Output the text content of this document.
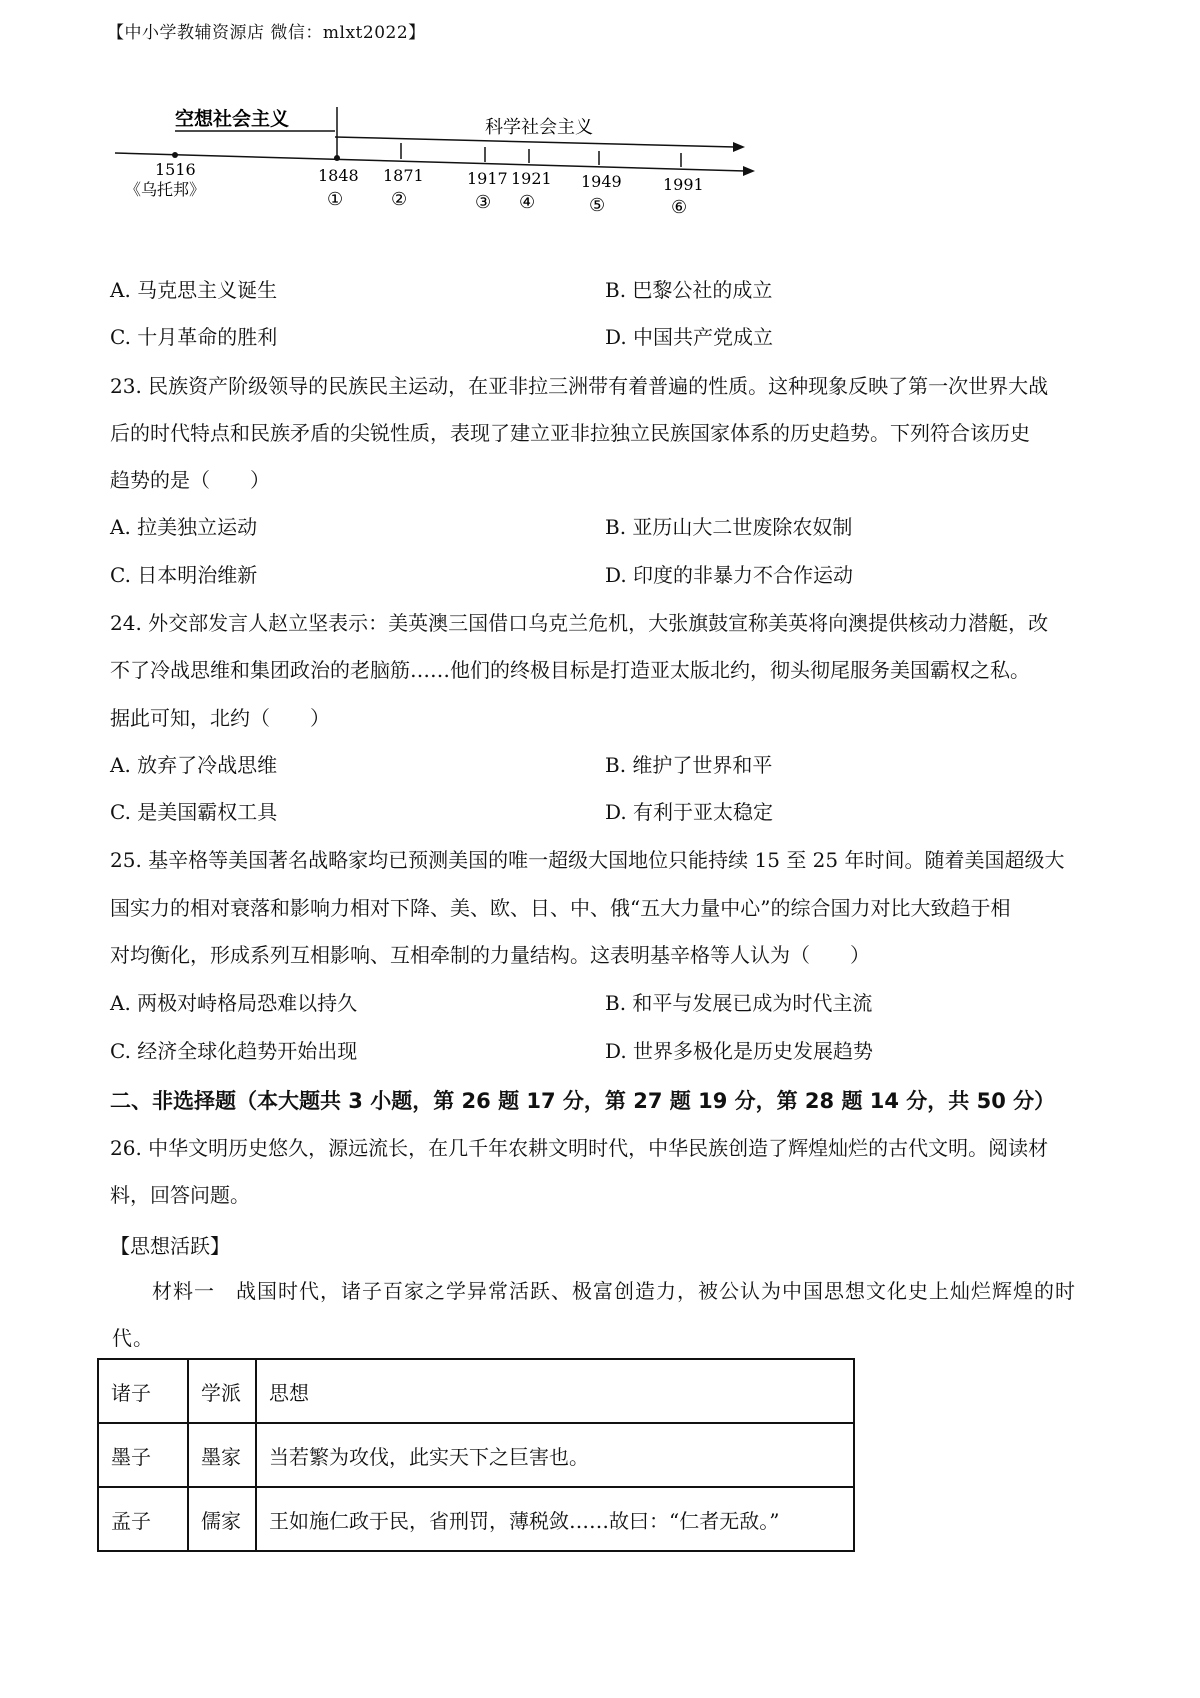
【中小学教辅资源店 微信：mlxt2022】
空想社会主义	科学社会主义
1516
《乌托邦》
1848
①
1871
②
1917
③
1921
④
1949
⑤
1991
⑥
A. 马克思主义诞生	B. 巴黎公社的成立
C. 十月革命的胜利	D. 中国共产党成立
23. 民族资产阶级领导的民族民主运动，在亚非拉三洲带有着普遍的性质。这种现象反映了第一次世界大战
后的时代特点和民族矛盾的尖锐性质，表现了建立亚非拉独立民族国家体系的历史趋势。下列符合该历史
趋势的是（　　）
A. 拉美独立运动	B. 亚历山大二世废除农奴制
C. 日本明治维新	D. 印度的非暴力不合作运动
24. 外交部发言人赵立坚表示：美英澳三国借口乌克兰危机，大张旗鼓宣称美英将向澳提供核动力潜艇，改
不了冷战思维和集团政治的老脑筋……他们的终极目标是打造亚太版北约，彻头彻尾服务美国霸权之私。
据此可知，北约（　　）
A. 放弃了冷战思维	B. 维护了世界和平
C. 是美国霸权工具	D. 有利于亚太稳定
25. 基辛格等美国著名战略家均已预测美国的唯一超级大国地位只能持续 15 至 25 年时间。随着美国超级大
国实力的相对衰落和影响力相对下降、美、欧、日、中、俄“五大力量中心”的综合国力对比大致趋于相
对均衡化，形成系列互相影响、互相牵制的力量结构。这表明基辛格等人认为（　　）
A. 两极对峙格局恐难以持久	B. 和平与发展已成为时代主流
C. 经济全球化趋势开始出现	D. 世界多极化是历史发展趋势
二、非选择题（本大题共 3 小题，第 26 题 17 分，第 27 题 19 分，第 28 题 14 分，共 50 分）
26. 中华文明历史悠久，源远流长，在几千年农耕文明时代，中华民族创造了辉煌灿烂的古代文明。阅读材
料，回答问题。
【思想活跃】
材料一　战国时代，诸子百家之学异常活跃、极富创造力，被公认为中国思想文化史上灿烂辉煌的时
代。
诸子	学派	思想
墨子	墨家	当若繁为攻伐，此实天下之巨害也。
孟子	儒家	王如施仁政于民，省刑罚，薄税敛……故曰：“仁者无敌。”
